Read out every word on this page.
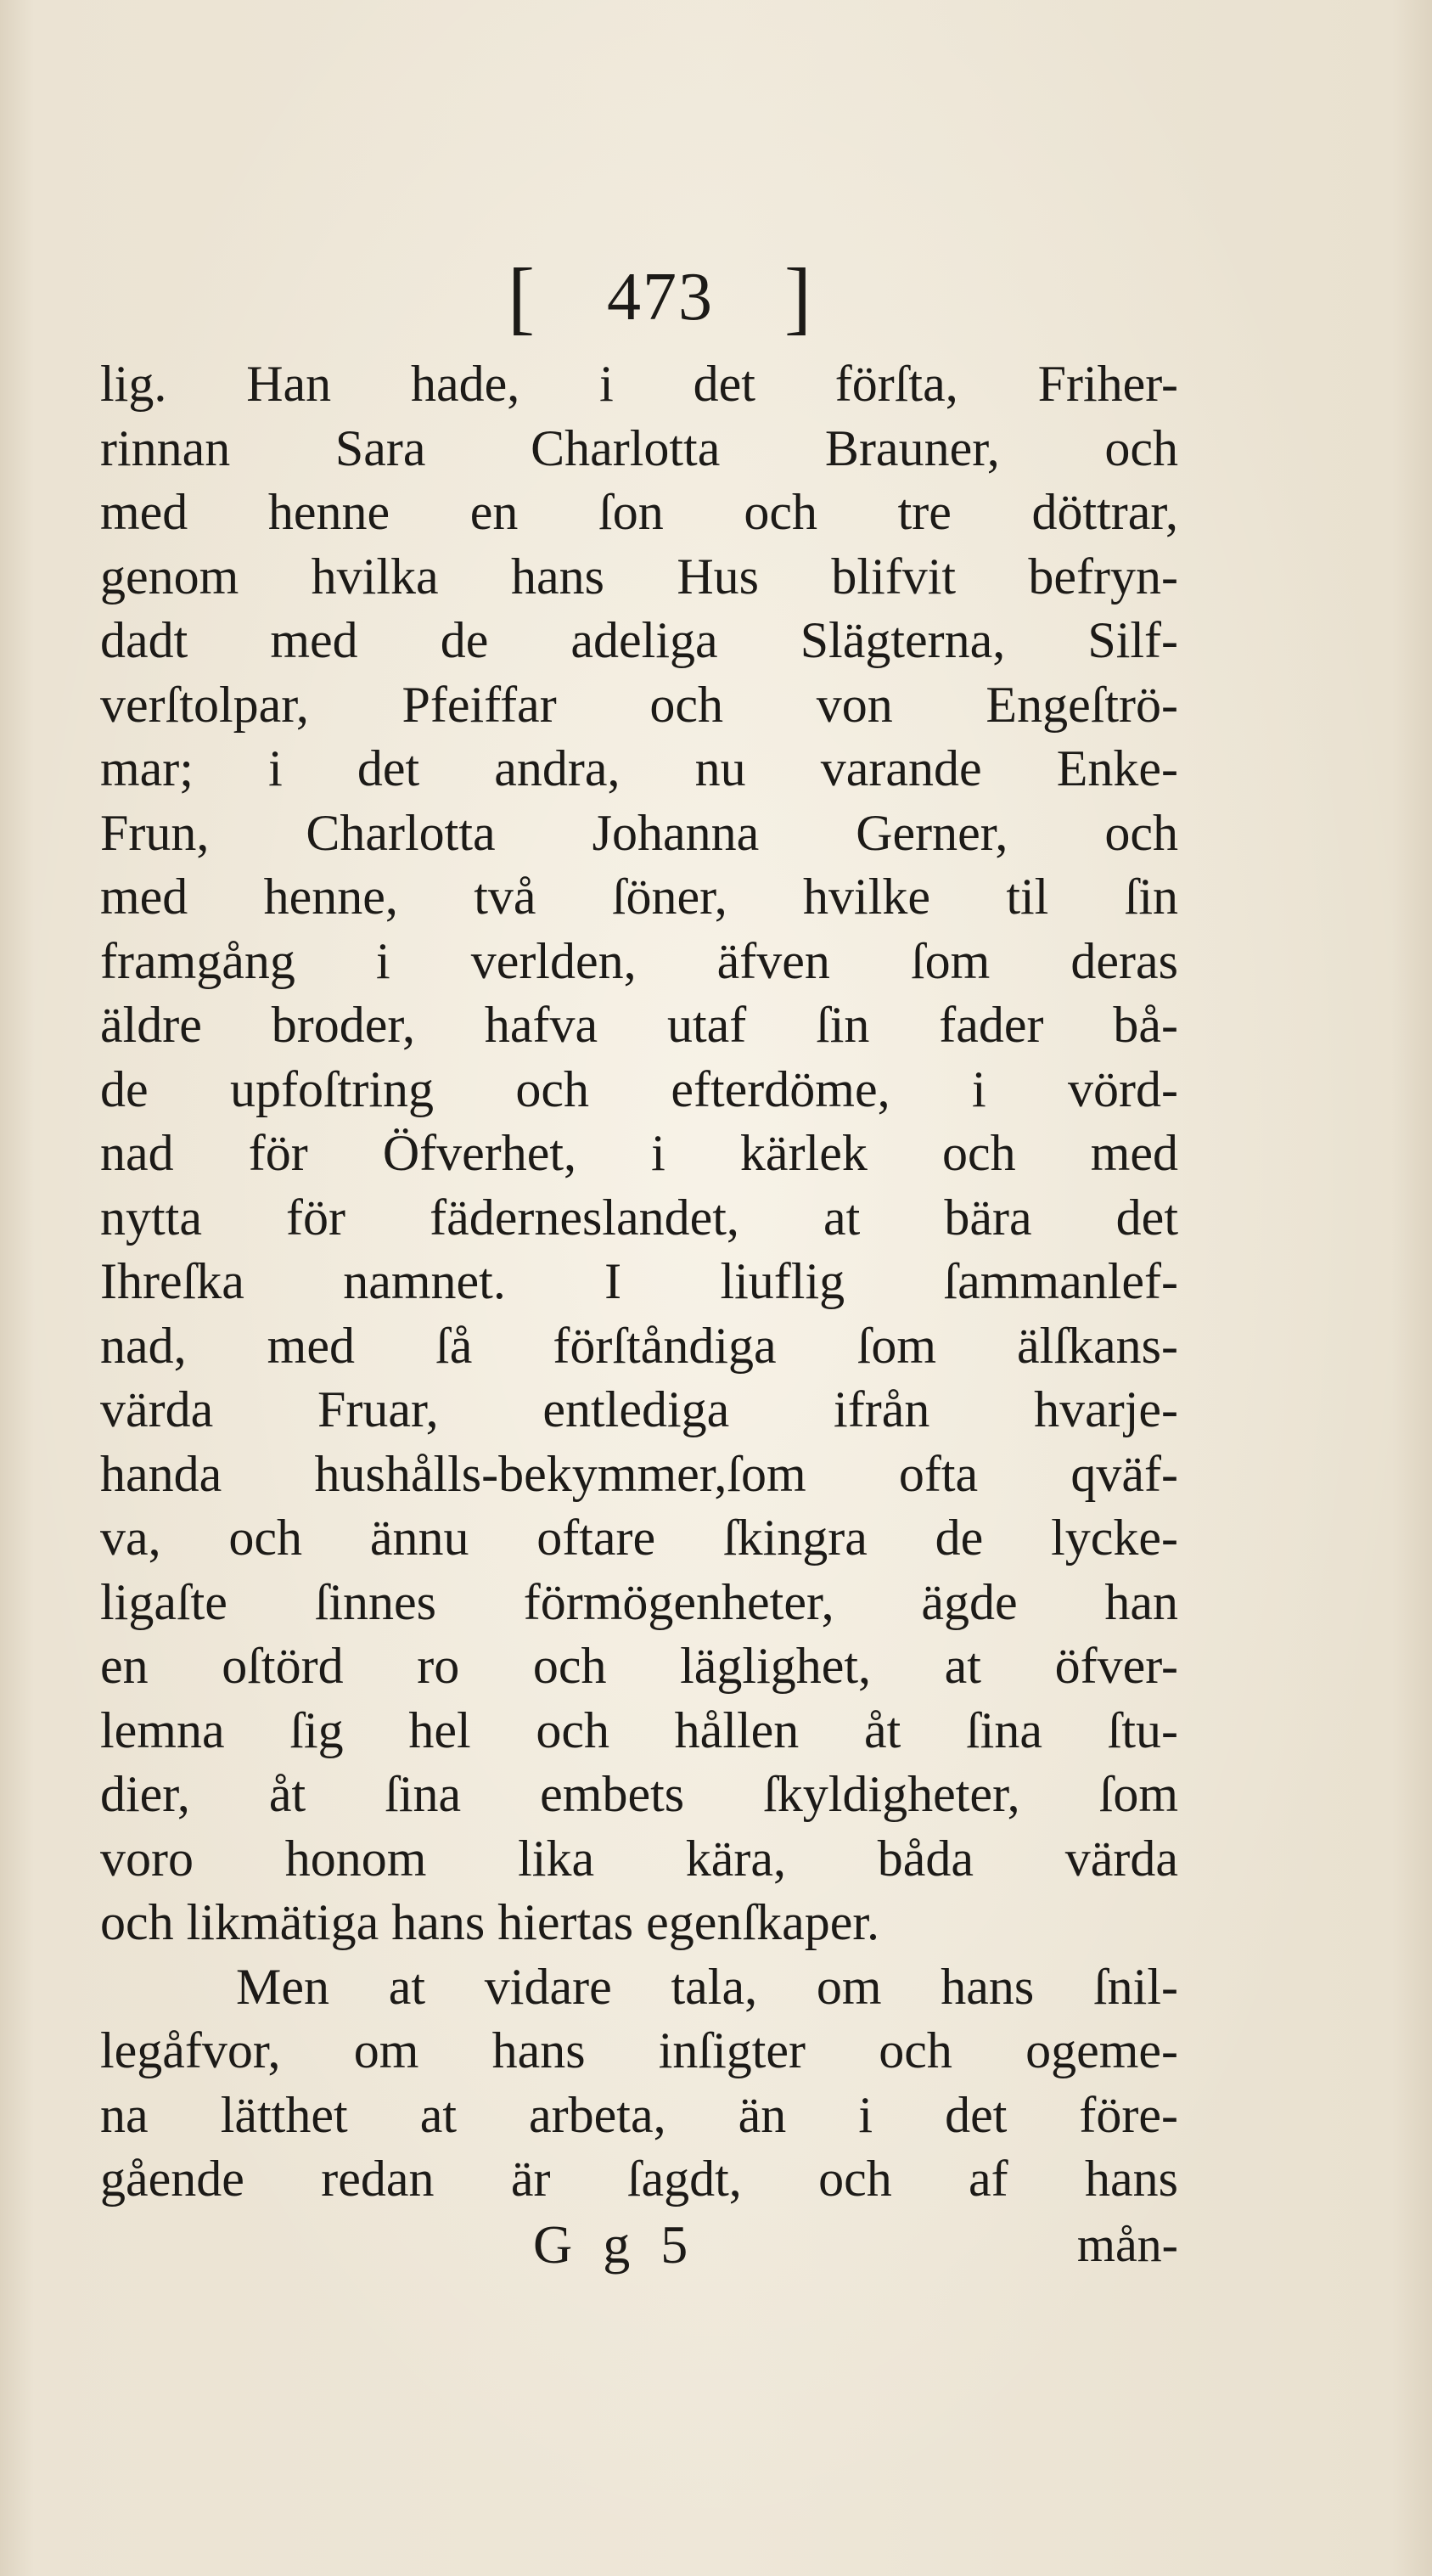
[ 473 ]
lig. Han hade, i det förſta, Friher-
rinnan Sara Charlotta Brauner, och
med henne en ſon och tre döttrar,
genom hvilka hans Hus blifvit befryn-
dadt med de adeliga Slägterna, Silf-
verſtolpar, Pfeiffar och von Engeſtrö-
mar; i det andra, nu varande Enke-
Frun, Charlotta Johanna Gerner, och
med henne, två ſöner, hvilke til ſin
framgång i verlden, äfven ſom deras
äldre broder, hafva utaf ſin fader bå-
de upfoſtring och efterdöme, i vörd-
nad för Öfverhet, i kärlek och med
nytta för fäderneslandet, at bära det
Ihreſka namnet. I liuflig ſammanlef-
nad, med ſå förſtåndiga ſom älſkans-
värda Fruar, entlediga ifrån hvarje-
handa hushålls-bekymmer,ſom ofta qväf-
va, och ännu oftare ſkingra de lycke-
ligaſte ſinnes förmögenheter, ägde han
en oſtörd ro och läglighet, at öfver-
lemna ſig hel och hållen åt ſina ſtu-
dier, åt ſina embets ſkyldigheter, ſom
voro honom lika kära, båda värda
och likmätiga hans hiertas egenſkaper.
Men at vidare tala, om hans ſnil-
legåfvor, om hans inſigter och ogeme-
na lätthet at arbeta, än i det före-
gående redan är ſagdt, och af hans
G g 5	mån-
